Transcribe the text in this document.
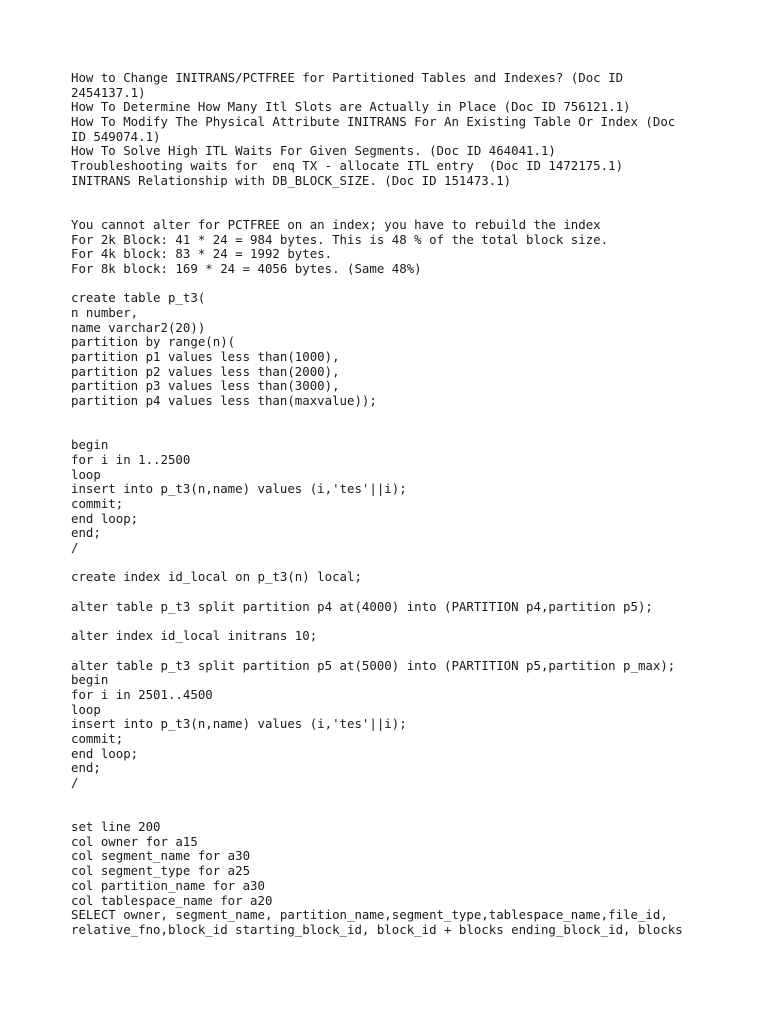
How to Change INITRANS/PCTFREE for Partitioned Tables and Indexes? (Doc ID
2454137.1)
How To Determine How Many Itl Slots are Actually in Place (Doc ID 756121.1)
How To Modify The Physical Attribute INITRANS For An Existing Table Or Index (Doc
ID 549074.1)
How To Solve High ITL Waits For Given Segments. (Doc ID 464041.1)
Troubleshooting waits for  enq TX - allocate ITL entry  (Doc ID 1472175.1)
INITRANS Relationship with DB_BLOCK_SIZE. (Doc ID 151473.1)
You cannot alter for PCTFREE on an index; you have to rebuild the index
For 2k Block: 41 * 24 = 984 bytes. This is 48 % of the total block size.
For 4k block: 83 * 24 = 1992 bytes.
For 8k block: 169 * 24 = 4056 bytes. (Same 48%)
create table p_t3(
n number,
name varchar2(20))
partition by range(n)(
partition p1 values less than(1000),
partition p2 values less than(2000),
partition p3 values less than(3000),
partition p4 values less than(maxvalue));
begin
for i in 1..2500
loop
insert into p_t3(n,name) values (i,'tes'||i);
commit;
end loop;
end;
/
create index id_local on p_t3(n) local;
alter table p_t3 split partition p4 at(4000) into (PARTITION p4,partition p5);
alter index id_local initrans 10;
alter table p_t3 split partition p5 at(5000) into (PARTITION p5,partition p_max);
begin
for i in 2501..4500
loop
insert into p_t3(n,name) values (i,'tes'||i);
commit;
end loop;
end;
/
set line 200
col owner for a15
col segment_name for a30
col segment_type for a25
col partition_name for a30
col tablespace_name for a20
SELECT owner, segment_name, partition_name,segment_type,tablespace_name,file_id,
relative_fno,block_id starting_block_id, block_id + blocks ending_block_id, blocks
